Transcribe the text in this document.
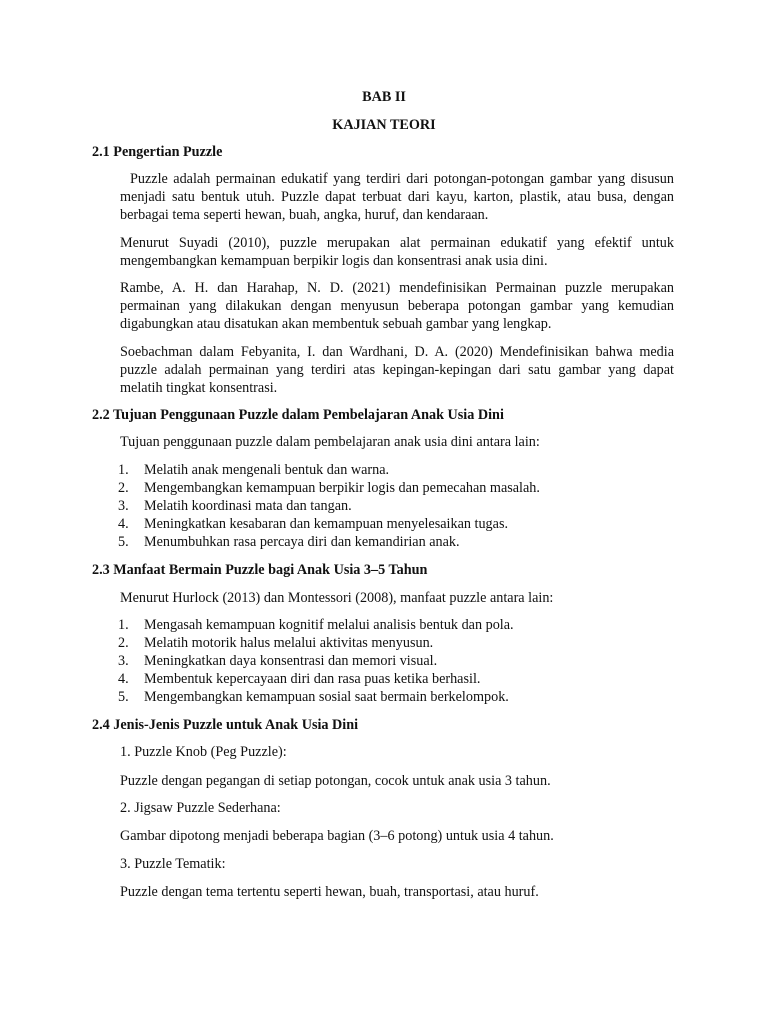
BAB II

KAJIAN TEORI

2.1 Pengertian Puzzle

Puzzle adalah permainan edukatif yang terdiri dari potongan-potongan gambar yang disusun menjadi satu bentuk utuh. Puzzle dapat terbuat dari kayu, karton, plastik, atau busa, dengan berbagai tema seperti hewan, buah, angka, huruf, dan kendaraan.

Menurut Suyadi (2010), puzzle merupakan alat permainan edukatif yang efektif untuk mengembangkan kemampuan berpikir logis dan konsentrasi anak usia dini.

Rambe, A. H. dan Harahap, N. D. (2021) mendefinisikan Permainan puzzle merupakan permainan yang dilakukan dengan menyusun beberapa potongan gambar yang kemudian digabungkan atau disatukan akan membentuk sebuah gambar yang lengkap.

Soebachman dalam Febyanita, I. dan Wardhani, D. A. (2020) Mendefinisikan bahwa media puzzle adalah permainan yang terdiri atas kepingan-kepingan dari satu gambar yang dapat melatih tingkat konsentrasi.

2.2 Tujuan Penggunaan Puzzle dalam Pembelajaran Anak Usia Dini

Tujuan penggunaan puzzle dalam pembelajaran anak usia dini antara lain:

1.	Melatih anak mengenali bentuk dan warna.
2.	Mengembangkan kemampuan berpikir logis dan pemecahan masalah.
3.	Melatih koordinasi mata dan tangan.
4.	Meningkatkan kesabaran dan kemampuan menyelesaikan tugas.
5.	Menumbuhkan rasa percaya diri dan kemandirian anak.

2.3 Manfaat Bermain Puzzle bagi Anak Usia 3–5 Tahun

Menurut Hurlock (2013) dan Montessori (2008), manfaat puzzle antara lain:

1.	Mengasah kemampuan kognitif melalui analisis bentuk dan pola.
2.	Melatih motorik halus melalui aktivitas menyusun.
3.	Meningkatkan daya konsentrasi dan memori visual.
4.	Membentuk kepercayaan diri dan rasa puas ketika berhasil.
5.	Mengembangkan kemampuan sosial saat bermain berkelompok.

2.4 Jenis-Jenis Puzzle untuk Anak Usia Dini

1. Puzzle Knob (Peg Puzzle):

Puzzle dengan pegangan di setiap potongan, cocok untuk anak usia 3 tahun.

2. Jigsaw Puzzle Sederhana:

Gambar dipotong menjadi beberapa bagian (3–6 potong) untuk usia 4 tahun.

3. Puzzle Tematik:

Puzzle dengan tema tertentu seperti hewan, buah, transportasi, atau huruf.
